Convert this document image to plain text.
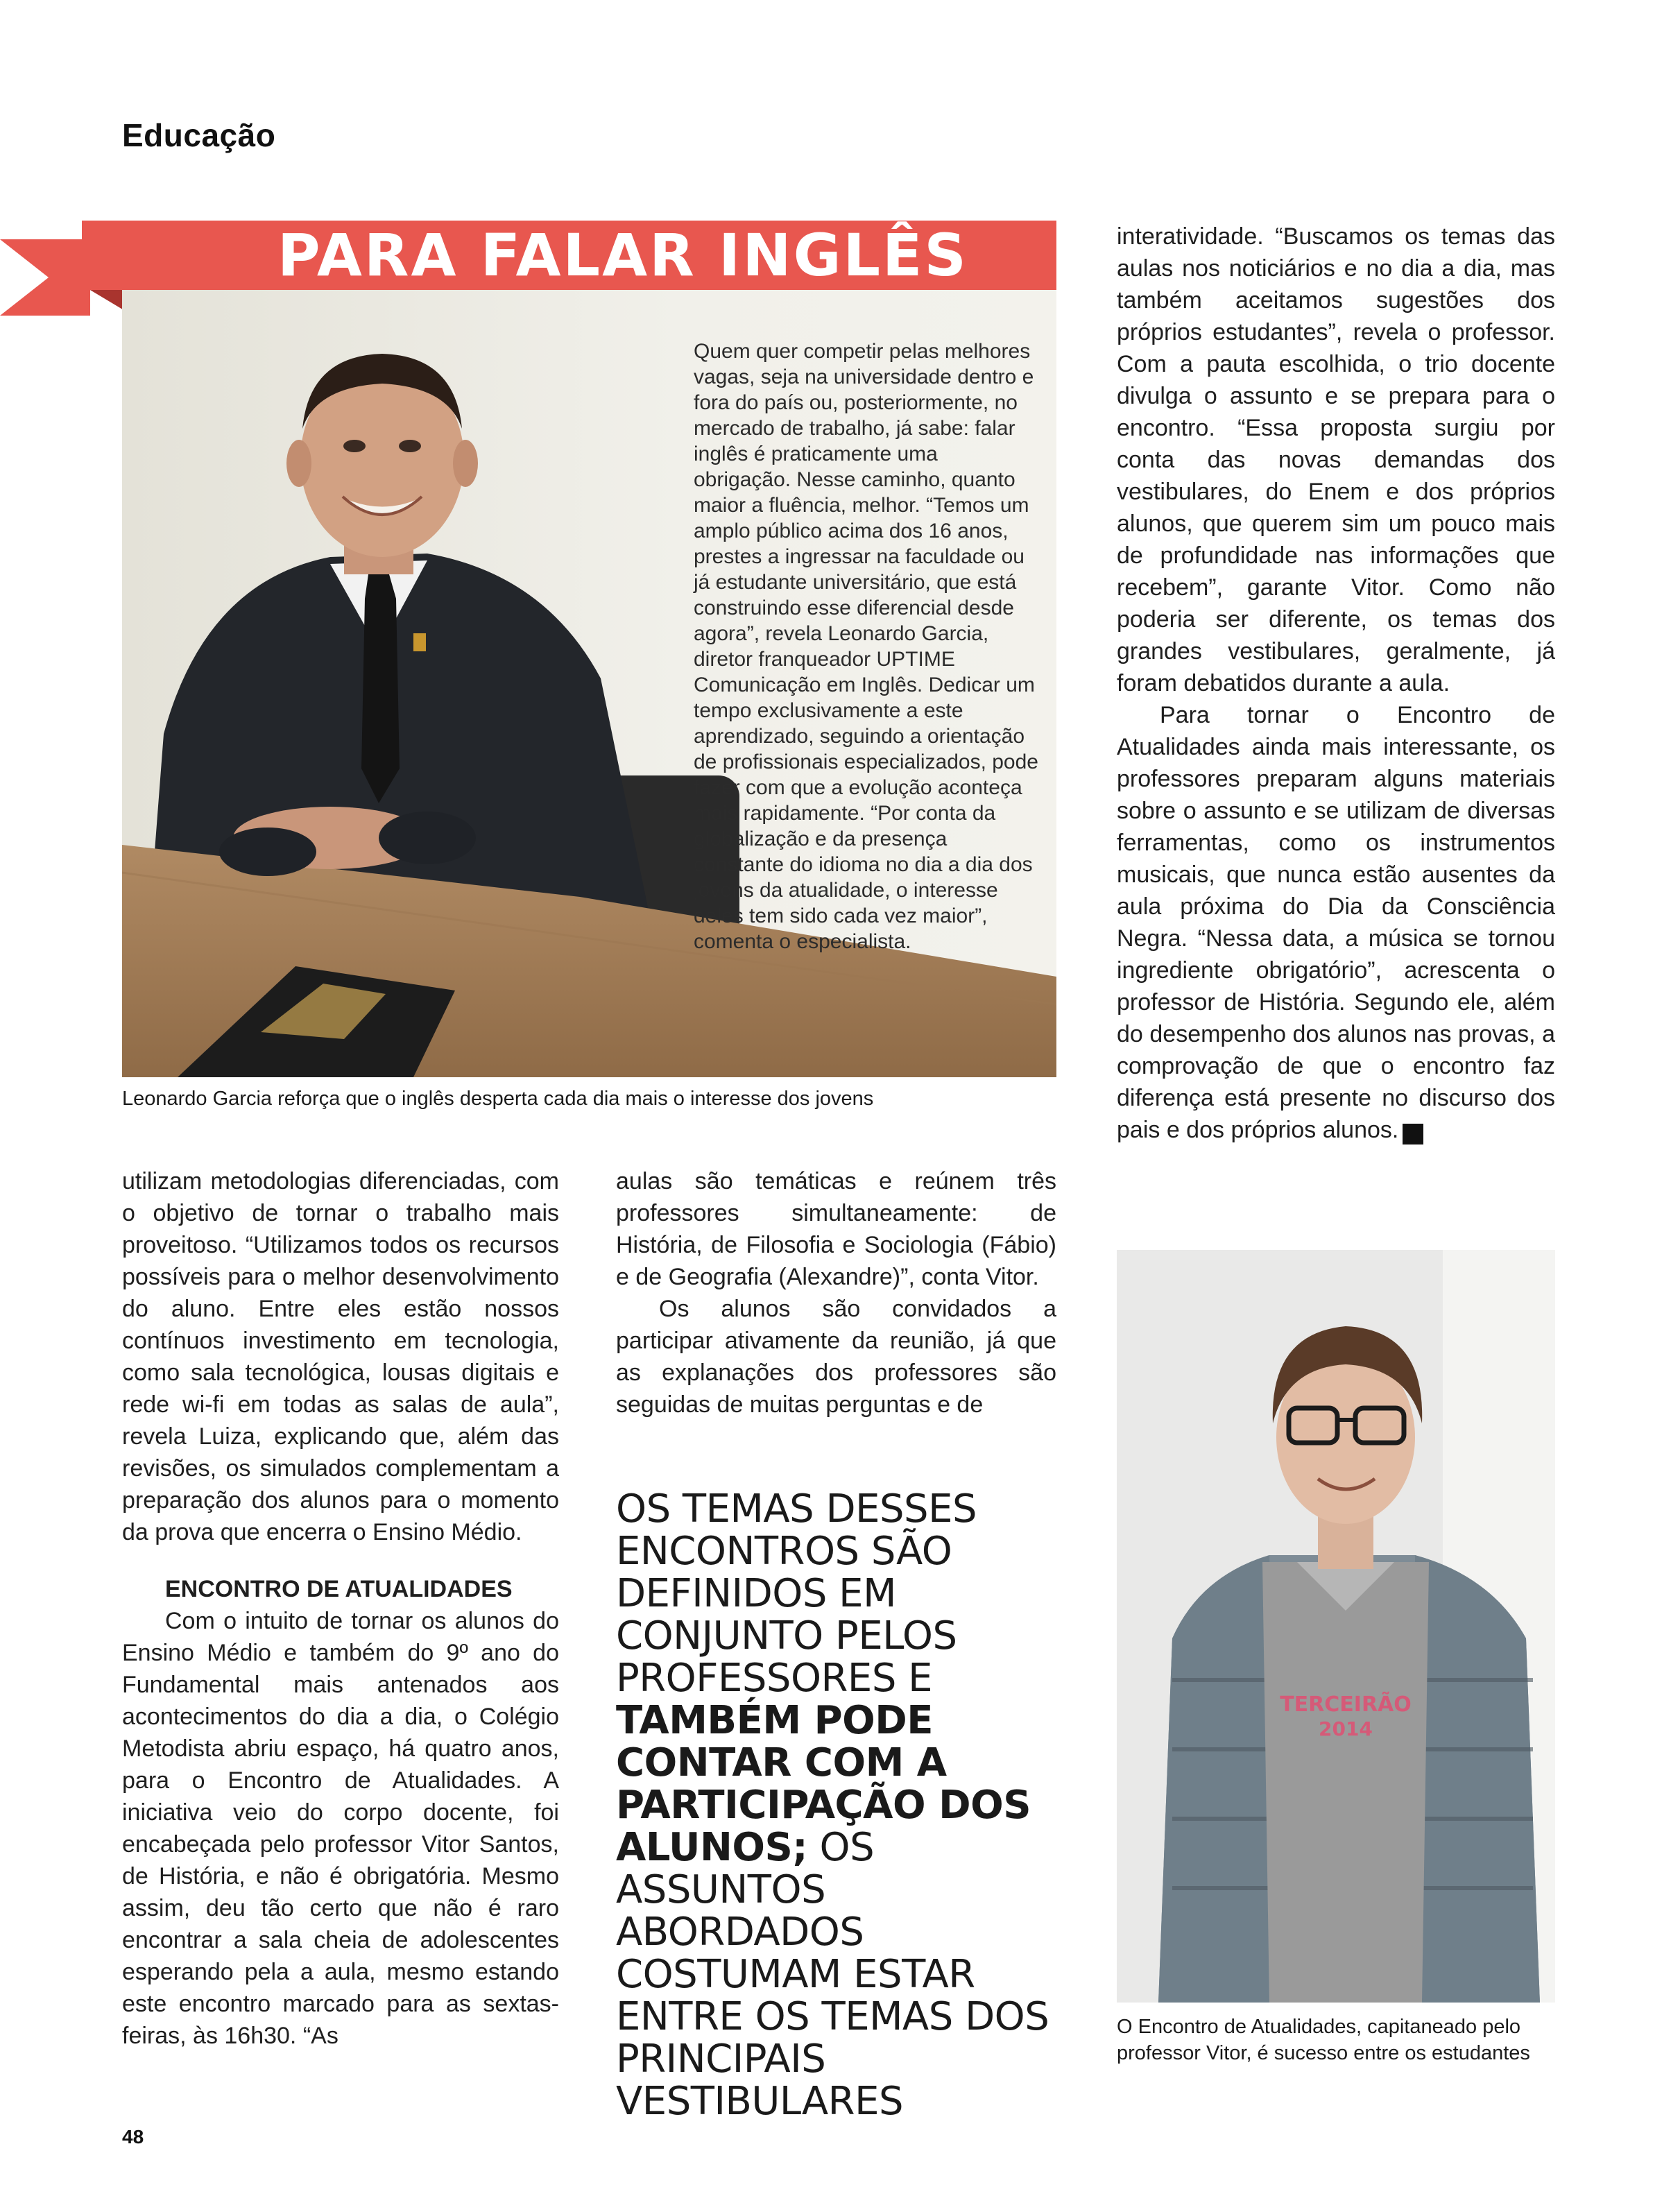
Educação
PARA FALAR INGLÊS
Quem quer competir pelas melhores vagas, seja na universidade dentro e fora do país ou, posteriormente, no mercado de trabalho, já sabe: falar inglês é praticamente uma obrigação. Nesse caminho, quanto maior a fluência, melhor. “Temos um amplo público acima dos 16 anos, prestes a ingressar na faculdade ou já estudante universitário, que está construindo esse diferencial desde agora”, revela Leonardo Garcia, diretor franqueador UPTIME Comunicação em Inglês. Dedicar um tempo exclusivamente a este aprendizado, seguindo a orientação de profissionais especializados, pode fazer com que a evolução aconteça mais rapidamente. “Por conta da globalização e da presença constante do idioma no dia a dia dos jovens da atualidade, o interesse deles tem sido cada vez maior”, comenta o especialista.
Leonardo Garcia reforça que o inglês desperta cada dia mais o interesse dos jovens

utilizam metodologias diferenciadas, com o objetivo de tornar o trabalho mais proveitoso. “Utilizamos todos os recursos possíveis para o melhor desenvolvimento do aluno. Entre eles estão nossos contínuos investimento em tecnologia, como sala tecnológica, lousas digitais e rede wi-fi em todas as salas de aula”, revela Luiza, explicando que, além das revisões, os simulados complementam a preparação dos alunos para o momento da prova que encerra o Ensino Médio.

ENCONTRO DE ATUALIDADES

Com o intuito de tornar os alunos do Ensino Médio e também do 9º ano do Fundamental mais antenados aos acontecimentos do dia a dia, o Colégio Metodista abriu espaço, há quatro anos, para o Encontro de Atualidades. A iniciativa veio do corpo docente, foi encabeçada pelo professor Vitor Santos, de História, e não é obrigatória. Mesmo assim, deu tão certo que não é raro encontrar a sala cheia de adolescentes esperando pela a aula, mesmo estando este encontro marcado para as sextas-feiras, às 16h30. “As

aulas são temáticas e reúnem três professores simultaneamente: de História, de Filosofia e Sociologia (Fábio) e de Geografia (Alexandre)”, conta Vitor.

Os alunos são convidados a participar ativamente da reunião, já que as explanações dos professores são seguidas de muitas perguntas e de

OS TEMAS DESSES ENCONTROS SÃO DEFINIDOS EM CONJUNTO PELOS PROFESSORES E TAMBÉM PODE CONTAR COM A PARTICIPAÇÃO DOS ALUNOS; OS ASSUNTOS ABORDADOS COSTUMAM ESTAR ENTRE OS TEMAS DOS PRINCIPAIS VESTIBULARES

interatividade. “Buscamos os temas das aulas nos noticiários e no dia a dia, mas também aceitamos sugestões dos próprios estudantes”, revela o professor. Com a pauta escolhida, o trio docente divulga o assunto e se prepara para o encontro. “Essa proposta surgiu por conta das novas demandas dos vestibulares, do Enem e dos próprios alunos, que querem sim um pouco mais de profundidade nas informações que recebem”, garante Vitor. Como não poderia ser diferente, os temas dos grandes vestibulares, geralmente, já foram debatidos durante a aula.

Para tornar o Encontro de Atualidades ainda mais interessante, os professores preparam alguns materiais sobre o assunto e se utilizam de diversas ferramentas, como os instrumentos musicais, que nunca estão ausentes da aula próxima do Dia da Consciência Negra. “Nessa data, a música se tornou ingrediente obrigatório”, acrescenta o professor de História. Segundo ele, além do desempenho dos alunos nas provas, a comprovação de que o encontro faz diferença está presente no discurso dos pais e dos próprios alunos.	r

TERCEIRÃO
2014
O Encontro de Atualidades, capitaneado pelo professor Vitor, é sucesso entre os estudantes
48
